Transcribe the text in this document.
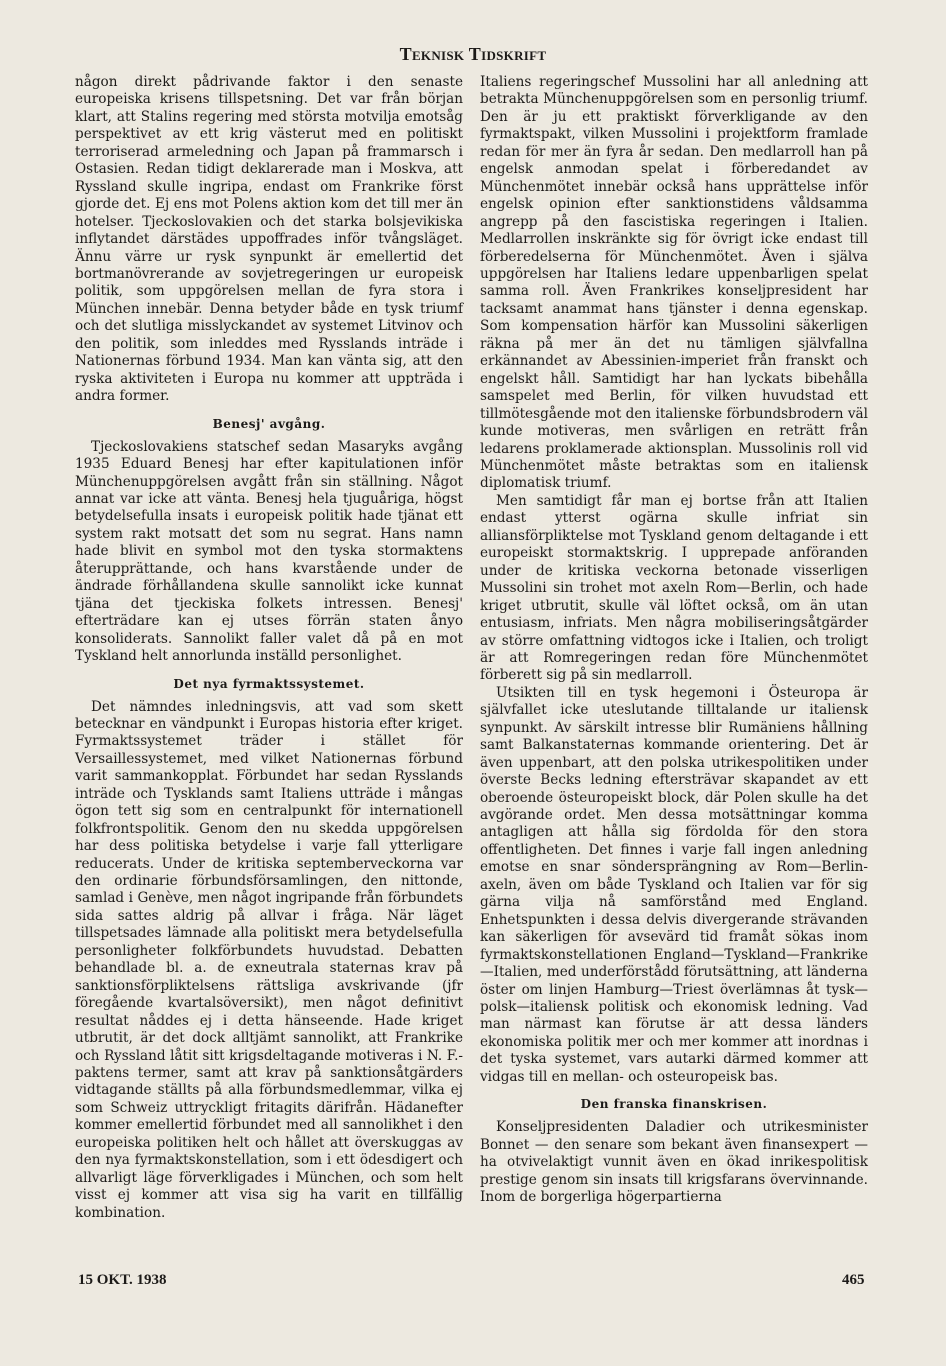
Teknisk Tidskrift

någon direkt pådrivande faktor i den senaste europeiska krisens tillspetsning. Det var från början klart, att Stalins regering med största motvilja emotsåg perspektivet av ett krig västerut med en politiskt terroriserad armeledning och Japan på frammarsch i Ostasien. Redan tidigt deklarerade man i Moskva, att Ryssland skulle ingripa, endast om Frankrike först gjorde det. Ej ens mot Polens aktion kom det till mer än hotelser. Tjeckoslovakien och det starka bolsjevikiska inflytandet därstädes uppoffrades inför tvångsläget. Ännu värre ur rysk synpunkt är emellertid det bortmanövrerande av sovjetregeringen ur europeisk politik, som uppgörelsen mellan de fyra stora i München innebär. Denna betyder både en tysk triumf och det slutliga misslyckandet av systemet Litvinov och den politik, som inleddes med Rysslands inträde i Nationernas förbund 1934. Man kan vänta sig, att den ryska aktiviteten i Europa nu kommer att uppträda i andra former.

Benesj' avgång.

Tjeckoslovakiens statschef sedan Masaryks avgång 1935 Eduard Benesj har efter kapitulationen inför Münchenuppgörelsen avgått från sin ställning. Något annat var icke att vänta. Benesj hela tjuguåriga, högst betydelsefulla insats i europeisk politik hade tjänat ett system rakt motsatt det som nu segrat. Hans namn hade blivit en symbol mot den tyska stormaktens återupprättande, och hans kvarstående under de ändrade förhållandena skulle sannolikt icke kunnat tjäna det tjeckiska folkets intressen. Benesj' efterträdare kan ej utses förrän staten ånyo konsoliderats. Sannolikt faller valet då på en mot Tyskland helt annorlunda inställd personlighet.

Det nya fyrmaktssystemet.

Det nämndes inledningsvis, att vad som skett betecknar en vändpunkt i Europas historia efter kriget. Fyrmaktssystemet träder i stället för Versaillessystemet, med vilket Nationernas förbund varit sammankopplat. Förbundet har sedan Rysslands inträde och Tysklands samt Italiens utträde i mångas ögon tett sig som en centralpunkt för internationell folkfrontspolitik. Genom den nu skedda uppgörelsen har dess politiska betydelse i varje fall ytterligare reducerats. Under de kritiska septemberveckorna var den ordinarie förbundsförsamlingen, den nittonde, samlad i Genève, men något ingripande från förbundets sida sattes aldrig på allvar i fråga. När läget tillspetsades lämnade alla politiskt mera betydelsefulla personligheter folkförbundets huvudstad. Debatten behandlade bl. a. de exneutrala staternas krav på sanktionsförpliktelsens rättsliga avskrivande (jfr föregående kvartalsöversikt), men något definitivt resultat nåddes ej i detta hänseende. Hade kriget utbrutit, är det dock alltjämt sannolikt, att Frankrike och Ryssland låtit sitt krigsdeltagande motiveras i N. F.-paktens termer, samt att krav på sanktionsåtgärders vidtagande ställts på alla förbundsmedlemmar, vilka ej som Schweiz uttryckligt fritagits därifrån. Hädanefter kommer emellertid förbundet med all sannolikhet i den europeiska politiken helt och hållet att överskuggas av den nya fyrmaktskonstellation, som i ett ödesdigert och allvarligt läge förverkligades i München, och som helt visst ej kommer att visa sig ha varit en tillfällig kombination.

Italiens regeringschef Mussolini har all anledning att betrakta Münchenuppgörelsen som en personlig triumf. Den är ju ett praktiskt förverkligande av den fyrmaktspakt, vilken Mussolini i projektform framlade redan för mer än fyra år sedan. Den medlarroll han på engelsk anmodan spelat i förberedandet av Münchenmötet innebär också hans upprättelse inför engelsk opinion efter sanktionstidens våldsamma angrepp på den fascistiska regeringen i Italien. Medlarrollen inskränkte sig för övrigt icke endast till förberedelserna för Münchenmötet. Även i själva uppgörelsen har Italiens ledare uppenbarligen spelat samma roll. Även Frankrikes konseljpresident har tacksamt anammat hans tjänster i denna egenskap. Som kompensation härför kan Mussolini säkerligen räkna på mer än det nu tämligen självfallna erkännandet av Abessinien-imperiet från franskt och engelskt håll. Samtidigt har han lyckats bibehålla samspelet med Berlin, för vilken huvudstad ett tillmötesgående mot den italienske förbundsbrodern väl kunde motiveras, men svårligen en reträtt från ledarens proklamerade aktionsplan. Mussolinis roll vid Münchenmötet måste betraktas som en italiensk diplomatisk triumf.

Men samtidigt får man ej bortse från att Italien endast ytterst ogärna skulle infriat sin alliansförpliktelse mot Tyskland genom deltagande i ett europeiskt stormaktskrig. I upprepade anföranden under de kritiska veckorna betonade visserligen Mussolini sin trohet mot axeln Rom—Berlin, och hade kriget utbrutit, skulle väl löftet också, om än utan entusiasm, infriats. Men några mobiliseringsåtgärder av större omfattning vidtogos icke i Italien, och troligt är att Romregeringen redan före Münchenmötet förberett sig på sin medlarroll.

Utsikten till en tysk hegemoni i Östeuropa är självfallet icke uteslutande tilltalande ur italiensk synpunkt. Av särskilt intresse blir Rumäniens hållning samt Balkanstaternas kommande orientering. Det är även uppenbart, att den polska utrikespolitiken under överste Becks ledning eftersträvar skapandet av ett oberoende östeuropeiskt block, där Polen skulle ha det avgörande ordet. Men dessa motsättningar komma antagligen att hålla sig fördolda för den stora offentligheten. Det finnes i varje fall ingen anledning emotse en snar söndersprängning av Rom—Berlin-axeln, även om både Tyskland och Italien var för sig gärna vilja nå samförstånd med England. Enhetspunkten i dessa delvis divergerande strävanden kan säkerligen för avsevärd tid framåt sökas inom fyrmaktskonstellationen England—Tyskland—Frankrike—Italien, med underförstådd förutsättning, att länderna öster om linjen Hamburg—Triest överlämnas åt tysk—polsk—italiensk politisk och ekonomisk ledning. Vad man närmast kan förutse är att dessa länders ekonomiska politik mer och mer kommer att inordnas i det tyska systemet, vars autarki därmed kommer att vidgas till en mellan- och osteuropeisk bas.

Den franska finanskrisen.

Konseljpresidenten Daladier och utrikesminister Bonnet — den senare som bekant även finansexpert — ha otvivelaktigt vunnit även en ökad inrikespolitisk prestige genom sin insats till krigsfarans övervinnande. Inom de borgerliga högerpartierna

15 OKT. 1938	465
